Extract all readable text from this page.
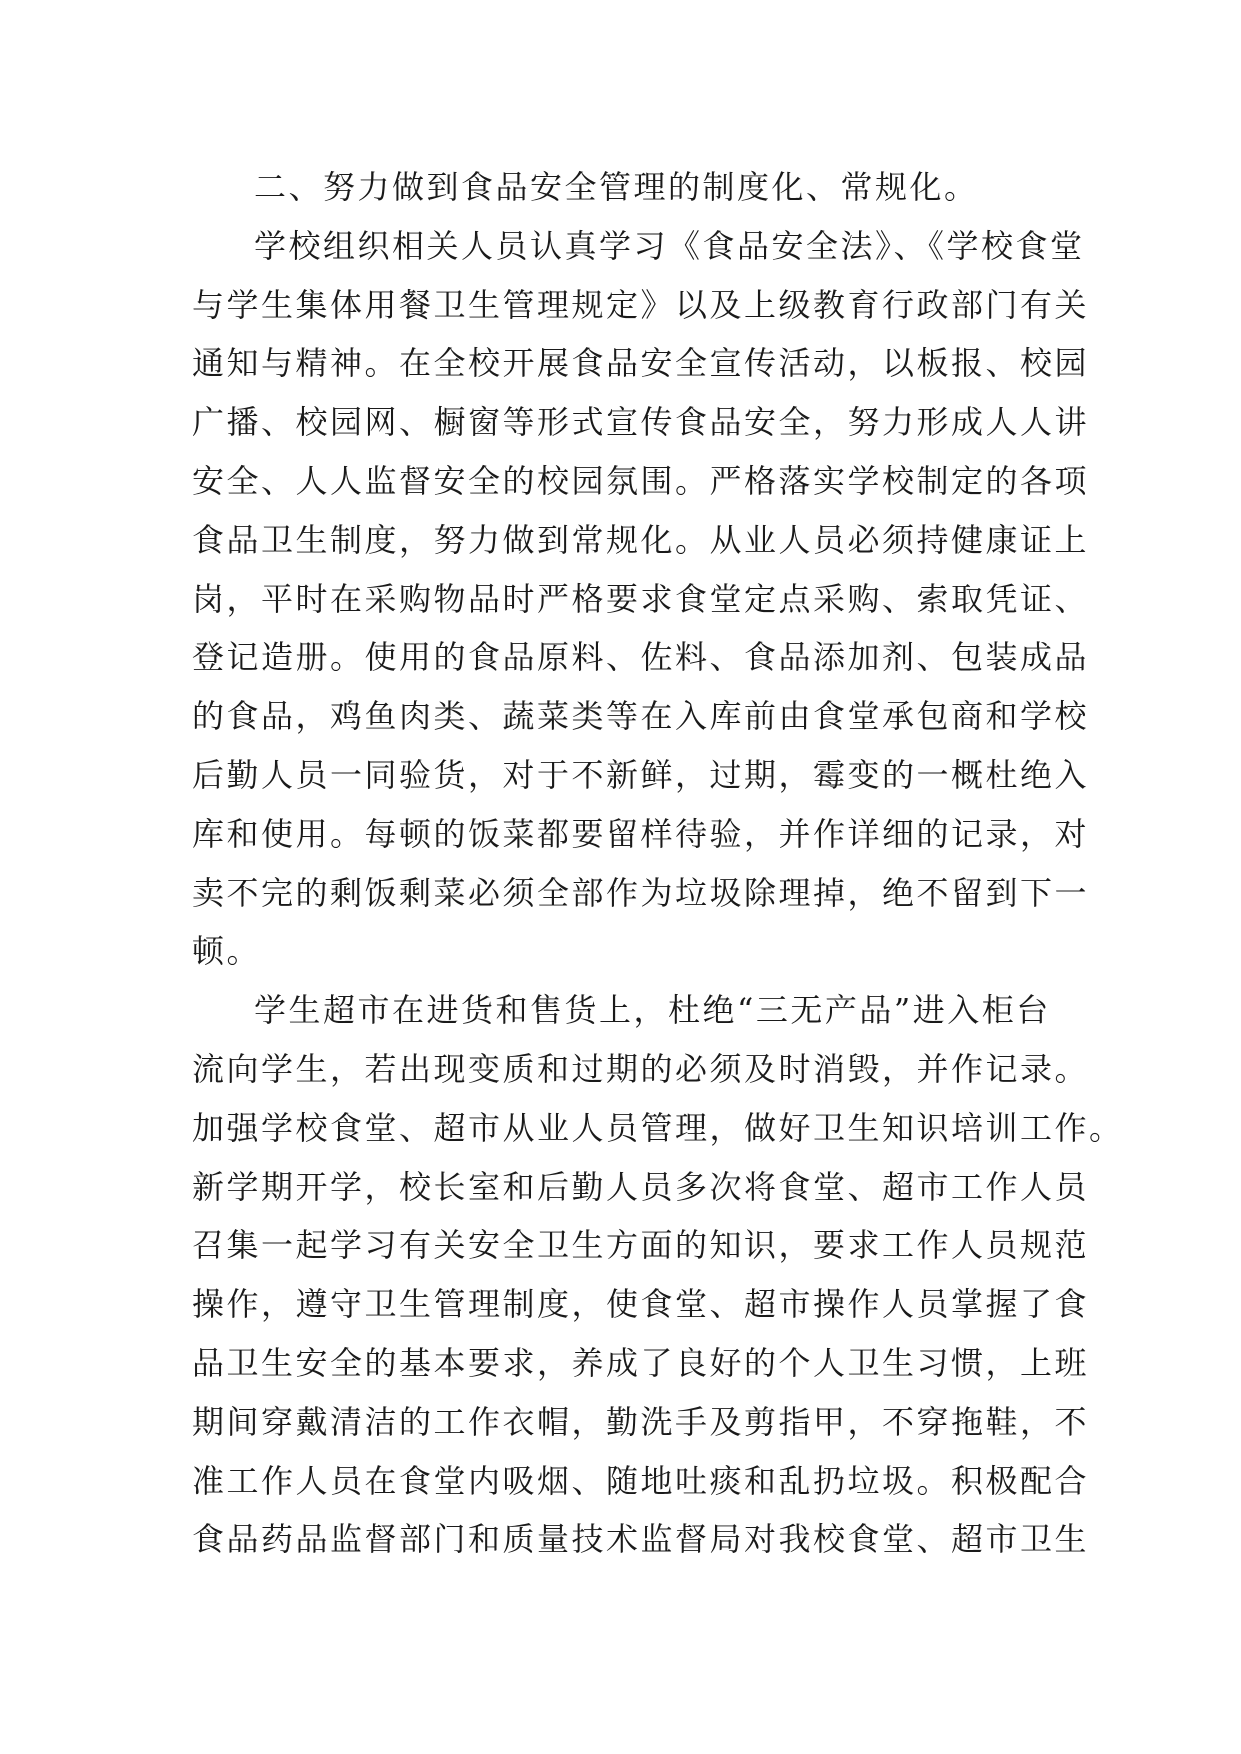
二、努力做到食品安全管理的制度化、常规化。
学校组织相关人员认真学习《食品安全法》、《学校食堂
与学生集体用餐卫生管理规定》以及上级教育行政部门有关
通知与精神。在全校开展食品安全宣传活动，以板报、校园
广播、校园网、橱窗等形式宣传食品安全，努力形成人人讲
安全、人人监督安全的校园氛围。严格落实学校制定的各项
食品卫生制度，努力做到常规化。从业人员必须持健康证上
岗，平时在采购物品时严格要求食堂定点采购、索取凭证、
登记造册。使用的食品原料、佐料、食品添加剂、包装成品
的食品，鸡鱼肉类、蔬菜类等在入库前由食堂承包商和学校
后勤人员一同验货，对于不新鲜，过期，霉变的一概杜绝入
库和使用。每顿的饭菜都要留样待验，并作详细的记录，对
卖不完的剩饭剩菜必须全部作为垃圾除理掉，绝不留到下一
顿。
学生超市在进货和售货上，杜绝“三无产品”进入柜台
流向学生，若出现变质和过期的必须及时消毁，并作记录。
加强学校食堂、超市从业人员管理，做好卫生知识培训工作。
新学期开学，校长室和后勤人员多次将食堂、超市工作人员
召集一起学习有关安全卫生方面的知识，要求工作人员规范
操作，遵守卫生管理制度，使食堂、超市操作人员掌握了食
品卫生安全的基本要求，养成了良好的个人卫生习惯，上班
期间穿戴清洁的工作衣帽，勤洗手及剪指甲，不穿拖鞋，不
准工作人员在食堂内吸烟、随地吐痰和乱扔垃圾。积极配合
食品药品监督部门和质量技术监督局对我校食堂、超市卫生
